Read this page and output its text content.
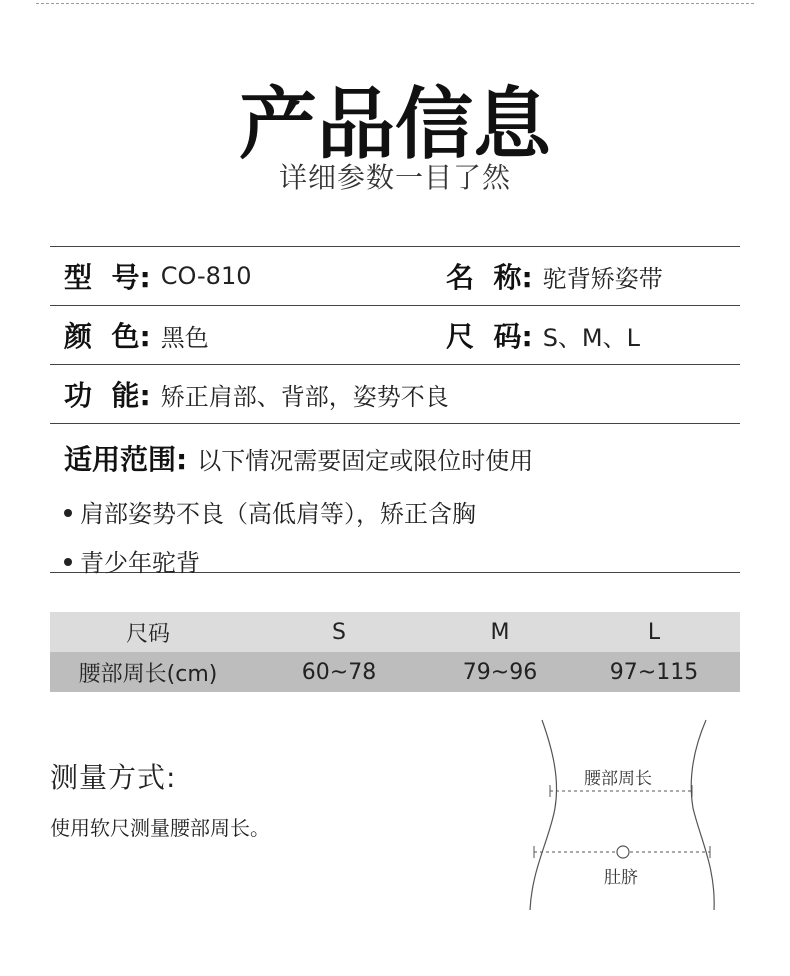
产品信息
详细参数一目了然
型  号: CO-810	名  称: 驼背矫姿带
颜  色: 黑色	尺  码: S、M、L
功  能: 矫正肩部、背部，姿势不良
适用范围: 以下情况需要固定或限位时使用
肩部姿势不良（高低肩等），矫正含胸
青少年驼背
尺码	S	M	L
腰部周长(cm)	60~78	79~96	97~115
测量方式:
使用软尺测量腰部周长。
腰部周长
肚脐
